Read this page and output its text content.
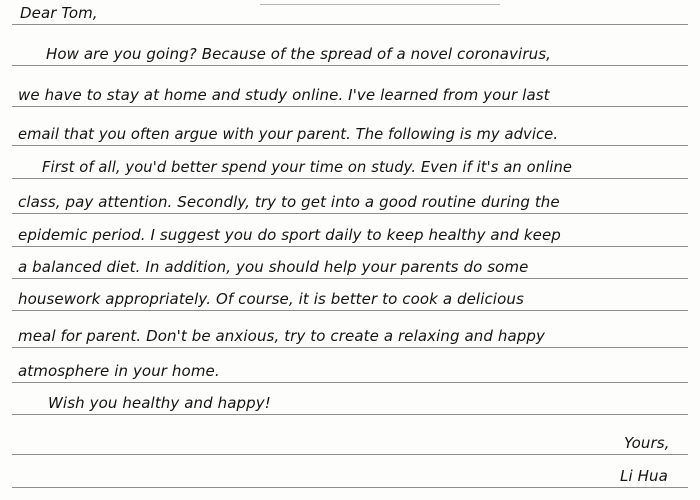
Dear Tom,
How are you going? Because of the spread of a novel coronavirus,
we have to stay at home and study online. I've learned from your last
email that you often argue with your parent. The following is my advice.
First of all, you'd better spend your time on study. Even if it's an online
class, pay attention. Secondly, try to get into a good routine during the
epidemic period. I suggest you do sport daily to keep healthy and keep
a balanced diet. In addition, you should help your parents do some
housework appropriately. Of course, it is better to cook a delicious
meal for parent. Don't be anxious, try to create a relaxing and happy
atmosphere in your home.
Wish you healthy and happy!
Yours,
Li Hua
